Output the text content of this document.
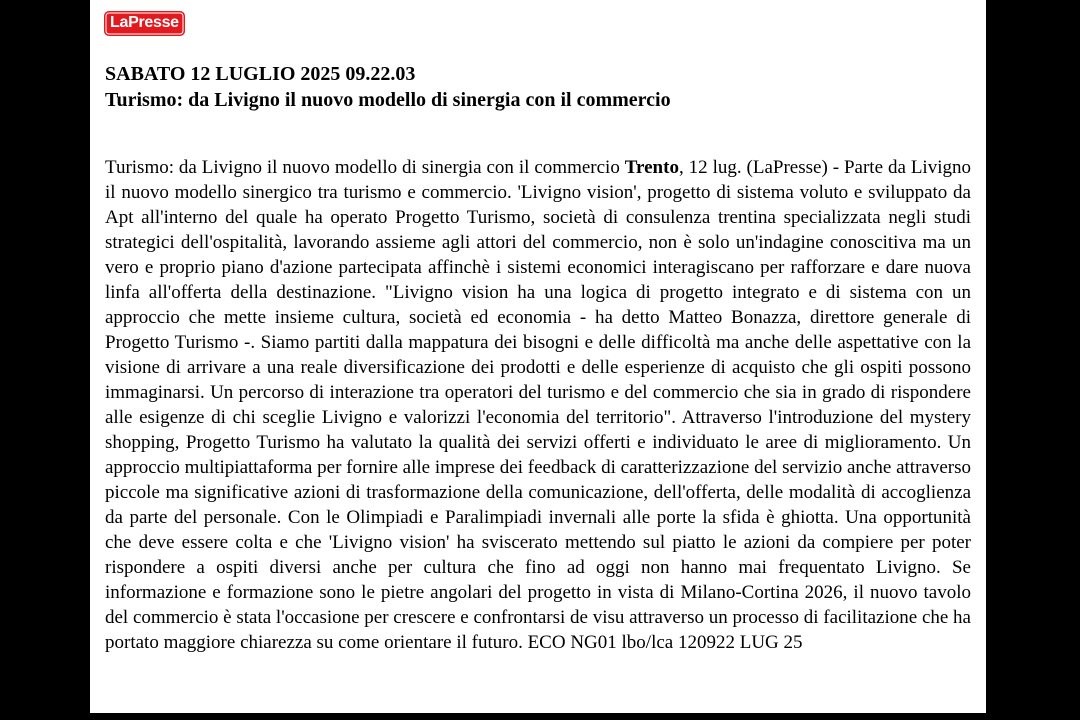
LaPresse
SABATO 12 LUGLIO 2025 09.22.03
Turismo: da Livigno il nuovo modello di sinergia con il commercio

Turismo: da Livigno il nuovo modello di sinergia con il commercio Trento, 12 lug. (LaPresse) - Parte da Livigno il nuovo modello sinergico tra turismo e commercio. 'Livigno vision', progetto di sistema voluto e sviluppato da Apt all'interno del quale ha operato Progetto Turismo, società di consulenza trentina specializzata negli studi strategici dell'ospitalità, lavorando assieme agli attori del commercio, non è solo un'indagine conoscitiva ma un vero e proprio piano d'azione partecipata affinchè i sistemi economici interagiscano per rafforzare e dare nuova linfa all'offerta della destinazione. "Livigno vision ha una logica di progetto integrato e di sistema con un approccio che mette insieme cultura, società ed economia - ha detto Matteo Bonazza, direttore generale di Progetto Turismo -. Siamo partiti dalla mappatura dei bisogni e delle difficoltà ma anche delle aspettative con la visione di arrivare a una reale diversificazione dei prodotti e delle esperienze di acquisto che gli ospiti possono immaginarsi. Un percorso di interazione tra operatori del turismo e del commercio che sia in grado di rispondere alle esigenze di chi sceglie Livigno e valorizzi l'economia del territorio". Attraverso l'introduzione del mystery shopping, Progetto Turismo ha valutato la qualità dei servizi offerti e individuato le aree di miglioramento. Un approccio multipiattaforma per fornire alle imprese dei feedback di caratterizzazione del servizio anche attraverso piccole ma significative azioni di trasformazione della comunicazione, dell'offerta, delle modalità di accoglienza da parte del personale. Con le Olimpiadi e Paralimpiadi invernali alle porte la sfida è ghiotta. Una opportunità che deve essere colta e che 'Livigno vision' ha sviscerato mettendo sul piatto le azioni da compiere per poter rispondere a ospiti diversi anche per cultura che fino ad oggi non hanno mai frequentato Livigno. Se informazione e formazione sono le pietre angolari del progetto in vista di Milano-Cortina 2026, il nuovo tavolo del commercio è stata l'occasione per crescere e confrontarsi de visu attraverso un processo di facilitazione che ha portato maggiore chiarezza su come orientare il futuro. ECO NG01 lbo/lca 120922 LUG 25
